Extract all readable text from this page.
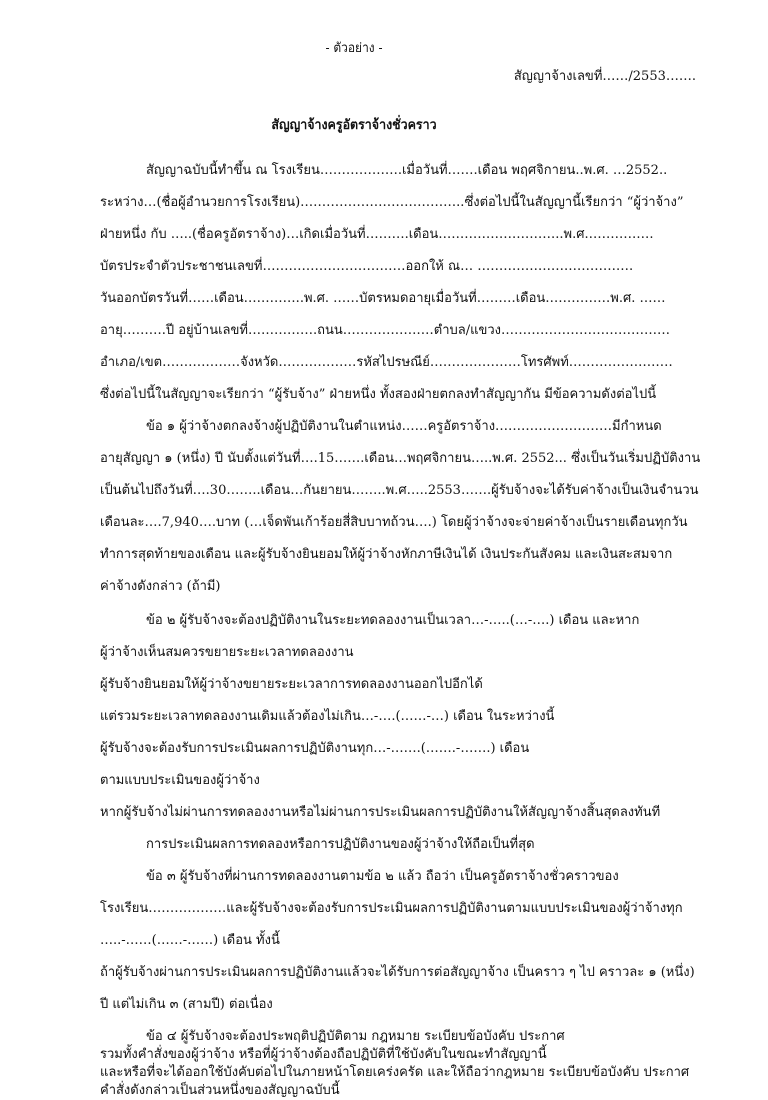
- ตัวอย่าง -
สัญญาจ้างเลขที่……/2553…….
สัญญาจ้างครูอัตราจ้างชั่วคราว
สัญญาฉบับนี้ทำขึ้น ณ โรงเรียน……………….เมื่อวันที่…….เดือน พฤศจิกายน..พ.ศ. …2552..
ระหว่าง…(ชื่อผู้อำนวยการโรงเรียน)………………………………..ซึ่งต่อไปนี้ในสัญญานี้เรียกว่า “ผู้ว่าจ้าง”
ฝ่ายหนึ่ง กับ …..(ชื่อครูอัตราจ้าง)…เกิดเมื่อวันที่……….เดือน………………………..พ.ศ.……………
บัตรประจำตัวประชาชนเลขที่……………………………ออกให้ ณ… ………………………………
วันออกบัตรวันที่……เดือน…………..พ.ศ. ……บัตรหมดอายุเมื่อวันที่………เดือน……………พ.ศ. ……
อายุ……….ปี อยู่บ้านเลขที่…………….ถนน…………………ตำบล/แขวง…………………………………
อำเภอ/เขต………………จังหวัด………………รหัสไปรษณีย์…………………โทรศัพท์……………………
ซึ่งต่อไปนี้ในสัญญาจะเรียกว่า “ผู้รับจ้าง” ฝ่ายหนึ่ง ทั้งสองฝ่ายตกลงทำสัญญากัน มีข้อความดังต่อไปนี้
ข้อ ๑ ผู้ว่าจ้างตกลงจ้างผู้ปฏิบัติงานในตำแหน่ง……ครูอัตราจ้าง………………………มีกำหนด
อายุสัญญา ๑ (หนึ่ง) ปี นับตั้งแต่วันที่….15…….เดือน…พฤศจิกายน…..พ.ศ. 2552... ซึ่งเป็นวันเริ่มปฏิบัติงาน
เป็นต้นไปถึงวันที่….30……..เดือน…กันยายน……..พ.ศ…..2553…….ผู้รับจ้างจะได้รับค่าจ้างเป็นเงินจำนวน
เดือนละ….7,940….บาท (…เจ็ดพันเก้าร้อยสี่สิบบาทถ้วน….) โดยผู้ว่าจ้างจะจ่ายค่าจ้างเป็นรายเดือนทุกวัน
ทำการสุดท้ายของเดือน และผู้รับจ้างยินยอมให้ผู้ว่าจ้างหักภาษีเงินได้ เงินประกันสังคม และเงินสะสมจาก
ค่าจ้างดังกล่าว (ถ้ามี)
ข้อ ๒ ผู้รับจ้างจะต้องปฏิบัติงานในระยะทดลองงานเป็นเวลา…-…..(…-….) เดือน และหาก
ผู้ว่าจ้างเห็นสมควรขยายระยะเวลาทดลองงาน
ผู้รับจ้างยินยอมให้ผู้ว่าจ้างขยายระยะเวลาการทดลองงานออกไปอีกได้
แต่รวมระยะเวลาทดลองงานเดิมแล้วต้องไม่เกิน…-….(……-…) เดือน ในระหว่างนี้
ผู้รับจ้างจะต้องรับการประเมินผลการปฏิบัติงานทุก…-…….(…….-…….) เดือน
ตามแบบประเมินของผู้ว่าจ้าง
หากผู้รับจ้างไม่ผ่านการทดลองงานหรือไม่ผ่านการประเมินผลการปฏิบัติงานให้สัญญาจ้างสิ้นสุดลงทันที
การประเมินผลการทดลองหรือการปฏิบัติงานของผู้ว่าจ้างให้ถือเป็นที่สุด
ข้อ ๓ ผู้รับจ้างที่ผ่านการทดลองงานตามข้อ ๒ แล้ว ถือว่า เป็นครูอัตราจ้างชั่วคราวของ
โรงเรียน………………และผู้รับจ้างจะต้องรับการประเมินผลการปฏิบัติงานตามแบบประเมินของผู้ว่าจ้างทุก
…..-……(……-……) เดือน ทั้งนี้
ถ้าผู้รับจ้างผ่านการประเมินผลการปฏิบัติงานแล้วจะได้รับการต่อสัญญาจ้าง เป็นคราว ๆ ไป คราวละ ๑ (หนึ่ง)
ปี แต่ไม่เกิน ๓ (สามปี) ต่อเนื่อง
ข้อ ๔ ผู้รับจ้างจะต้องประพฤติปฏิบัติตาม กฎหมาย ระเบียบข้อบังคับ ประกาศ
รวมทั้งคำสั่งของผู้ว่าจ้าง หรือที่ผู้ว่าจ้างต้องถือปฏิบัติที่ใช้บังคับในขณะทำสัญญานี้
และหรือที่จะได้ออกใช้บังคับต่อไปในภายหน้าโดยเคร่งครัด และให้ถือว่ากฎหมาย ระเบียบข้อบังคับ ประกาศ
คำสั่งดังกล่าวเป็นส่วนหนึ่งของสัญญาฉบับนี้
